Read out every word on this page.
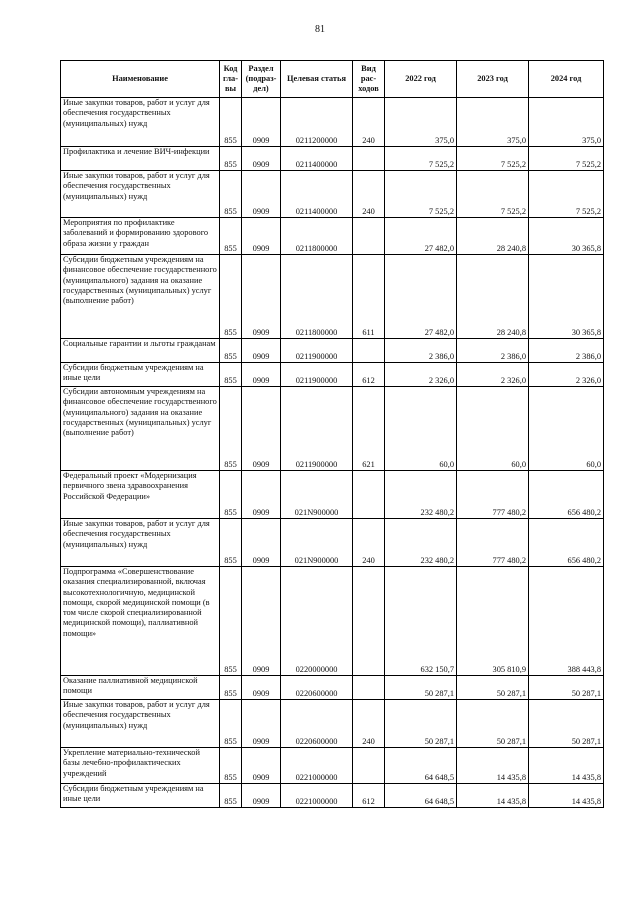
81
Наименование	Код гла- вы	Раздел (подраз- дел)	Целевая статья	Вид рас- ходов	2022 год	2023 год	2024 год
Иные закупки товаров, работ и услуг для обеспечения государственных (муниципальных) нужд	855	0909	0211200000	240	375,0	375,0	375,0
Профилактика и лечение ВИЧ-инфекции	855	0909	0211400000		7 525,2	7 525,2	7 525,2
Иные закупки товаров, работ и услуг для обеспечения государственных (муниципальных) нужд	855	0909	0211400000	240	7 525,2	7 525,2	7 525,2
Мероприятия по профилактике заболеваний и формированию здорового образа жизни у граждан	855	0909	0211800000		27 482,0	28 240,8	30 365,8
Субсидии бюджетным учреждениям на финансовое обеспечение государственного (муниципального) задания на оказание государственных (муниципальных) услуг (выполнение работ)	855	0909	0211800000	611	27 482,0	28 240,8	30 365,8
Социальные гарантии и льготы гражданам	855	0909	0211900000		2 386,0	2 386,0	2 386,0
Субсидии бюджетным учреждениям на иные цели	855	0909	0211900000	612	2 326,0	2 326,0	2 326,0
Субсидии автономным учреждениям на финансовое обеспечение государственного (муниципального) задания на оказание государственных (муниципальных) услуг (выполнение работ)	855	0909	0211900000	621	60,0	60,0	60,0
Федеральный проект «Модернизация первичного звена здравоохранения Российской Федерации»	855	0909	021N900000		232 480,2	777 480,2	656 480,2
Иные закупки товаров, работ и услуг для обеспечения государственных (муниципальных) нужд	855	0909	021N900000	240	232 480,2	777 480,2	656 480,2
Подпрограмма «Совершенствование оказания специализированной, включая высокотехнологичную, медицинской помощи, скорой медицинской помощи (в том числе скорой специализированной медицинской помощи), паллиативной помощи»	855	0909	0220000000		632 150,7	305 810,9	388 443,8
Оказание паллиативной медицинской помощи	855	0909	0220600000		50 287,1	50 287,1	50 287,1
Иные закупки товаров, работ и услуг для обеспечения государственных (муниципальных) нужд	855	0909	0220600000	240	50 287,1	50 287,1	50 287,1
Укрепление материально-технической базы лечебно-профилактических учреждений	855	0909	0221000000		64 648,5	14 435,8	14 435,8
Субсидии бюджетным учреждениям на иные цели	855	0909	0221000000	612	64 648,5	14 435,8	14 435,8
